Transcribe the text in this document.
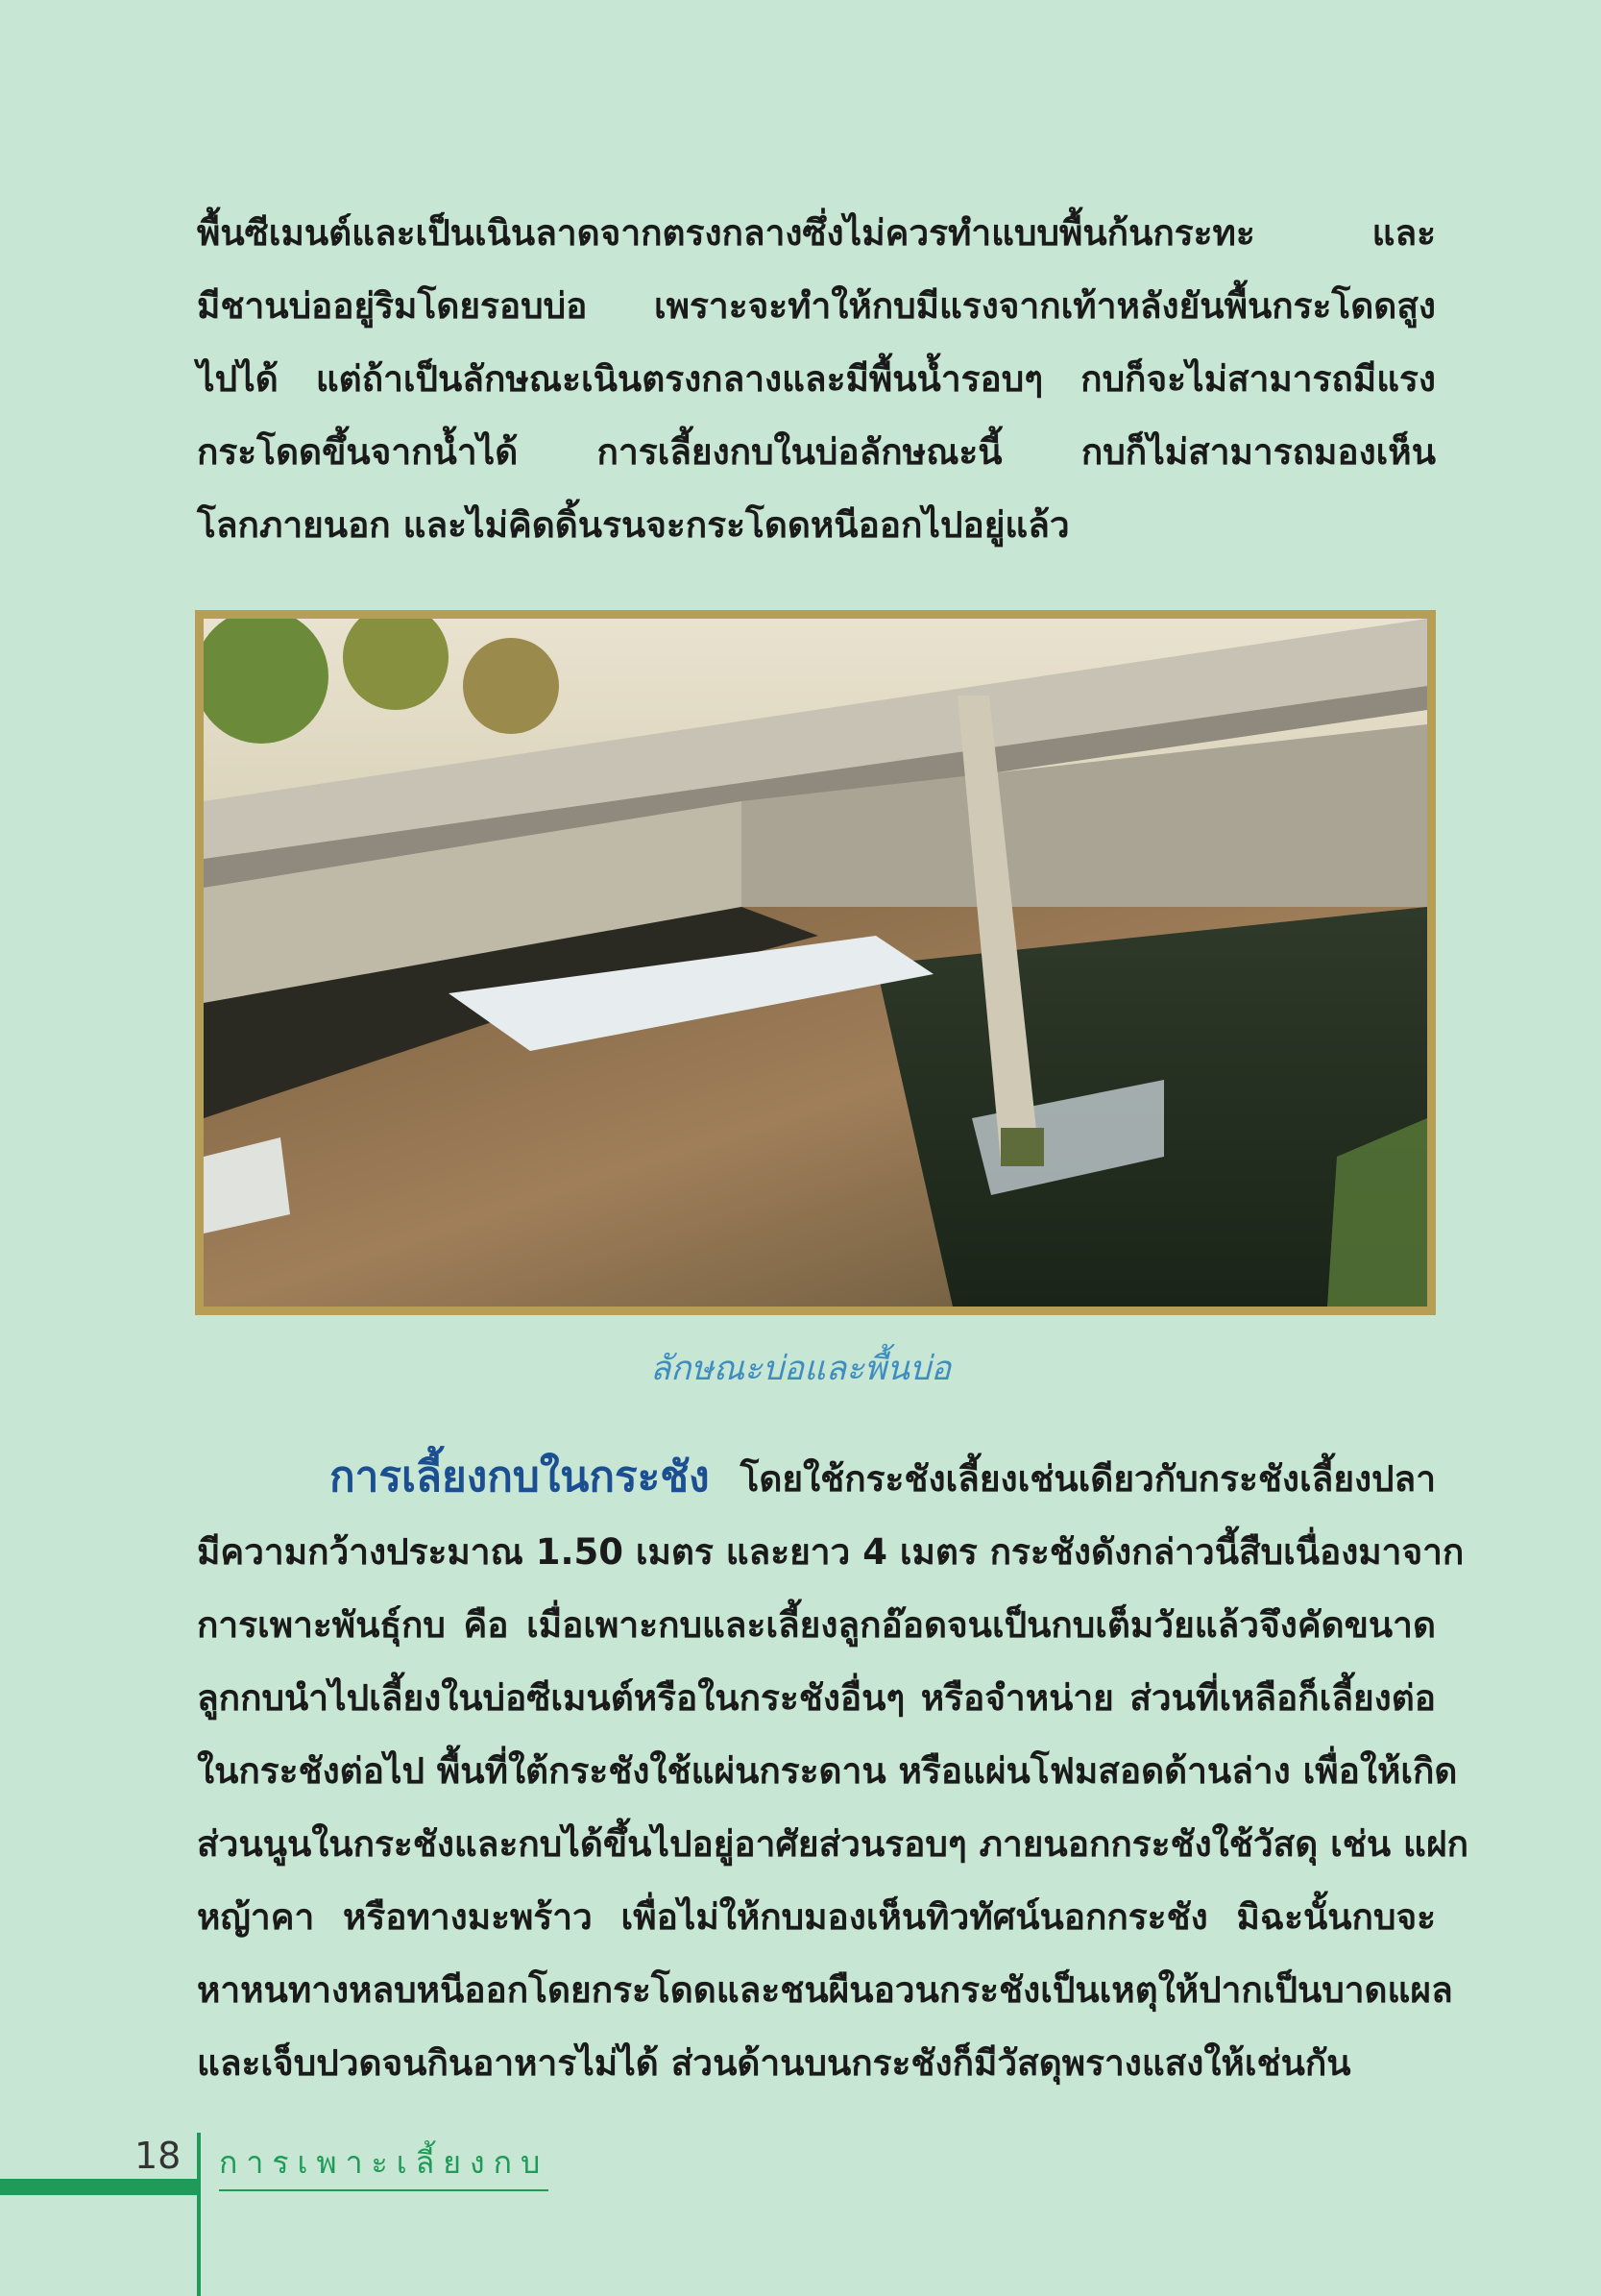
พื้นซีเมนต์และเป็นเนินลาดจากตรงกลางซึ่งไม่ควรทำแบบพื้นก้นกระทะ และ
มีชานบ่ออยู่ริมโดยรอบบ่อ เพราะจะทำให้กบมีแรงจากเท้าหลังยันพื้นกระโดดสูง
ไปได้ แต่ถ้าเป็นลักษณะเนินตรงกลางและมีพื้นน้ำรอบๆ กบก็จะไม่สามารถมีแรง
กระโดดขึ้นจากน้ำได้ การเลี้ยงกบในบ่อลักษณะนี้ กบก็ไม่สามารถมองเห็น
โลกภายนอก และไม่คิดดิ้นรนจะกระโดดหนีออกไปอยู่แล้ว
ลักษณะบ่อและพื้นบ่อ
การเลี้ยงกบในกระชัง โดยใช้กระชังเลี้ยงเช่นเดียวกับกระชังเลี้ยงปลา
มีความกว้างประมาณ 1.50 เมตร และยาว 4 เมตร กระชังดังกล่าวนี้สืบเนื่องมาจาก
การเพาะพันธุ์กบ คือ เมื่อเพาะกบและเลี้ยงลูกอ๊อดจนเป็นกบเต็มวัยแล้วจึงคัดขนาด
ลูกกบนำไปเลี้ยงในบ่อซีเมนต์หรือในกระชังอื่นๆ หรือจำหน่าย ส่วนที่เหลือก็เลี้ยงต่อ
ในกระชังต่อไป พื้นที่ใต้กระชังใช้แผ่นกระดาน หรือแผ่นโฟมสอดด้านล่าง เพื่อให้เกิด
ส่วนนูนในกระชังและกบได้ขึ้นไปอยู่อาศัยส่วนรอบๆ ภายนอกกระชังใช้วัสดุ เช่น แฝก
หญ้าคา หรือทางมะพร้าว เพื่อไม่ให้กบมองเห็นทิวทัศน์นอกกระชัง มิฉะนั้นกบจะ
หาหนทางหลบหนีออกโดยกระโดดและชนผืนอวนกระชังเป็นเหตุให้ปากเป็นบาดแผล
และเจ็บปวดจนกินอาหารไม่ได้ ส่วนด้านบนกระชังก็มีวัสดุพรางแสงให้เช่นกัน
18 การเพาะเลี้ยงกบ
